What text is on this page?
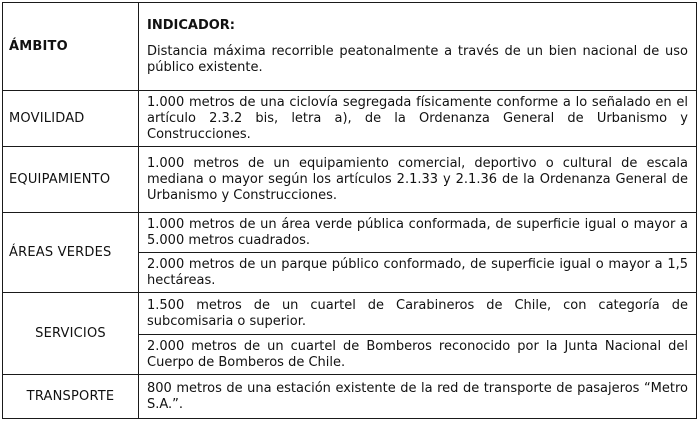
ÁMBITO	INDICADOR:
Distancia máxima recorrible peatonalmente a través de un bien nacional de uso público existente.
MOVILIDAD	1.000 metros de una ciclovía segregada físicamente conforme a lo señalado en el artículo 2.3.2 bis, letra a), de la Ordenanza General de Urbanismo y Construcciones.
EQUIPAMIENTO	1.000 metros de un equipamiento comercial, deportivo o cultural de escala mediana o mayor según los artículos 2.1.33 y 2.1.36 de la Ordenanza General de Urbanismo y Construcciones.
ÁREAS VERDES	1.000 metros de un área verde pública conformada, de superficie igual o mayor a 5.000 metros cuadrados.
	2.000 metros de un parque público conformado, de superficie igual o mayor a 1,5 hectáreas.
SERVICIOS	1.500 metros de un cuartel de Carabineros de Chile, con categoría de subcomisaria o superior.
	2.000 metros de un cuartel de Bomberos reconocido por la Junta Nacional del Cuerpo de Bomberos de Chile.
TRANSPORTE	800 metros de una estación existente de la red de transporte de pasajeros “Metro S.A.”.
